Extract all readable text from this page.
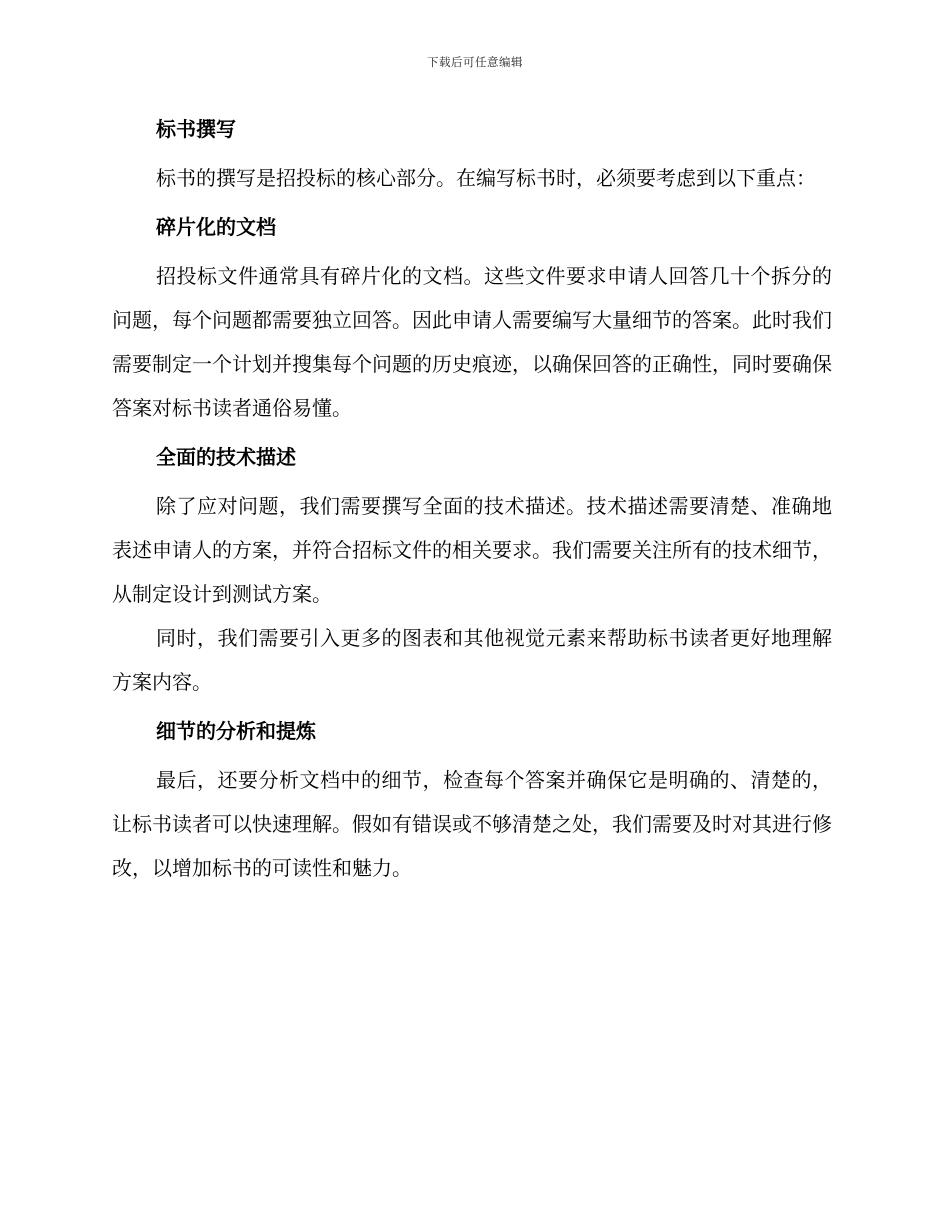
下载后可任意编辑
标书撰写

标书的撰写是招投标的核心部分。在编写标书时，必须要考虑到以下重点：

碎片化的文档

招投标文件通常具有碎片化的文档。这些文件要求申请人回答几十个拆分的问题，每个问题都需要独立回答。因此申请人需要编写大量细节的答案。此时我们需要制定一个计划并搜集每个问题的历史痕迹，以确保回答的正确性，同时要确保答案对标书读者通俗易懂。

全面的技术描述

除了应对问题，我们需要撰写全面的技术描述。技术描述需要清楚、准确地表述申请人的方案，并符合招标文件的相关要求。我们需要关注所有的技术细节，从制定设计到测试方案。

同时，我们需要引入更多的图表和其他视觉元素来帮助标书读者更好地理解方案内容。

细节的分析和提炼

最后，还要分析文档中的细节，检查每个答案并确保它是明确的、清楚的，让标书读者可以快速理解。假如有错误或不够清楚之处，我们需要及时对其进行修改，以增加标书的可读性和魅力。
